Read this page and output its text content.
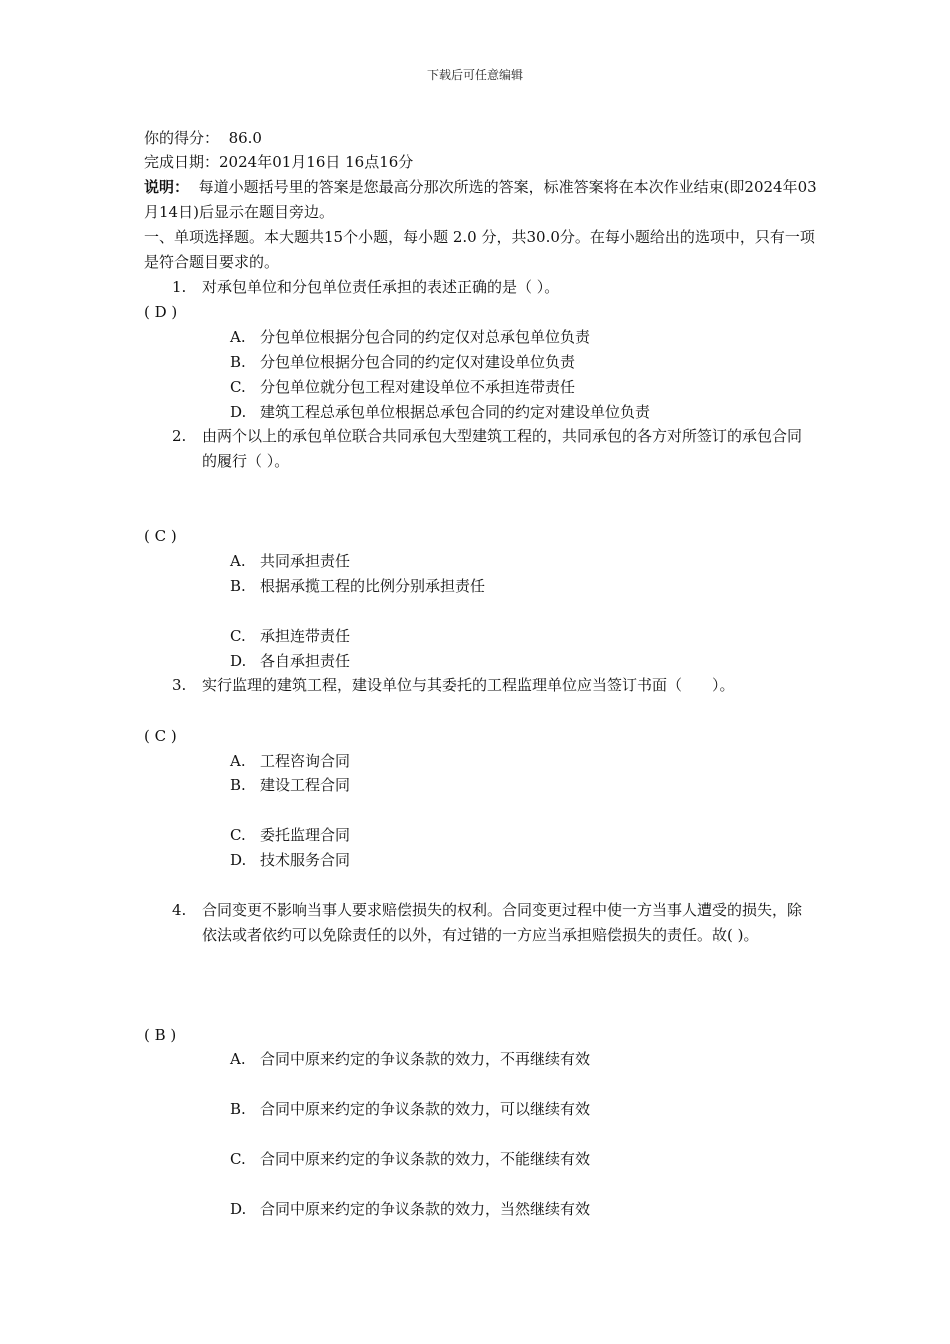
下载后可任意编辑
你的得分： 86.0
完成日期：2024年01月16日 16点16分
说明： 每道小题括号里的答案是您最高分那次所选的答案，标准答案将在本次作业结束(即2024年03月14日)后显示在题目旁边。
一、单项选择题。本大题共15个小题，每小题 2.0 分，共30.0分。在每小题给出的选项中，只有一项是符合题目要求的。
1. 对承包单位和分包单位责任承担的表述正确的是（ ）。
( D )
A. 分包单位根据分包合同的约定仅对总承包单位负责
B. 分包单位根据分包合同的约定仅对建设单位负责
C. 分包单位就分包工程对建设单位不承担连带责任
D. 建筑工程总承包单位根据总承包合同的约定对建设单位负责
2. 由两个以上的承包单位联合共同承包大型建筑工程的，共同承包的各方对所签订的承包合同的履行（ ）。
( C )
A. 共同承担责任
B. 根据承揽工程的比例分别承担责任
C. 承担连带责任
D. 各自承担责任
3. 实行监理的建筑工程，建设单位与其委托的工程监理单位应当签订书面（　　）。
( C )
A. 工程咨询合同
B. 建设工程合同
C. 委托监理合同
D. 技术服务合同
4. 合同变更不影响当事人要求赔偿损失的权利。合同变更过程中使一方当事人遭受的损失，除依法或者依约可以免除责任的以外，有过错的一方应当承担赔偿损失的责任。故( )。
( B )
A. 合同中原来约定的争议条款的效力，不再继续有效
B. 合同中原来约定的争议条款的效力，可以继续有效
C. 合同中原来约定的争议条款的效力，不能继续有效
D. 合同中原来约定的争议条款的效力，当然继续有效
